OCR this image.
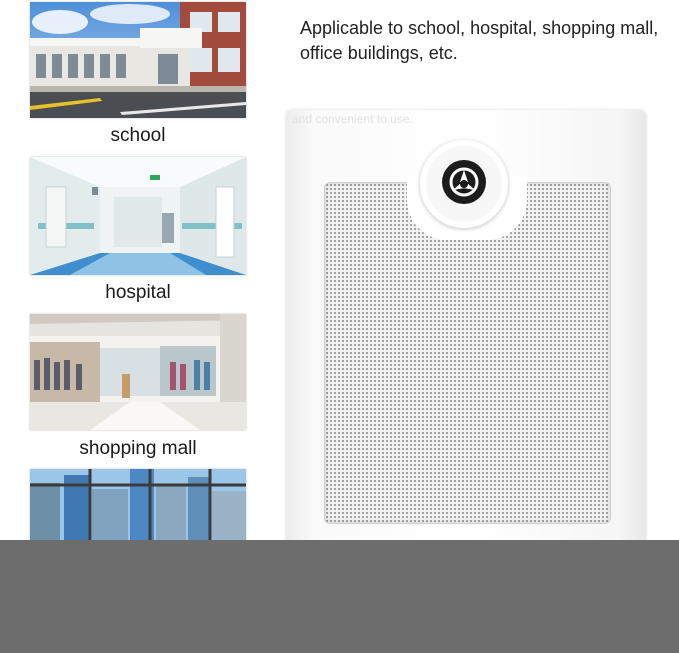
school
hospital
shopping mall
Applicable to school, hospital, shopping mall, office buildings, etc.
and convenient to use.
